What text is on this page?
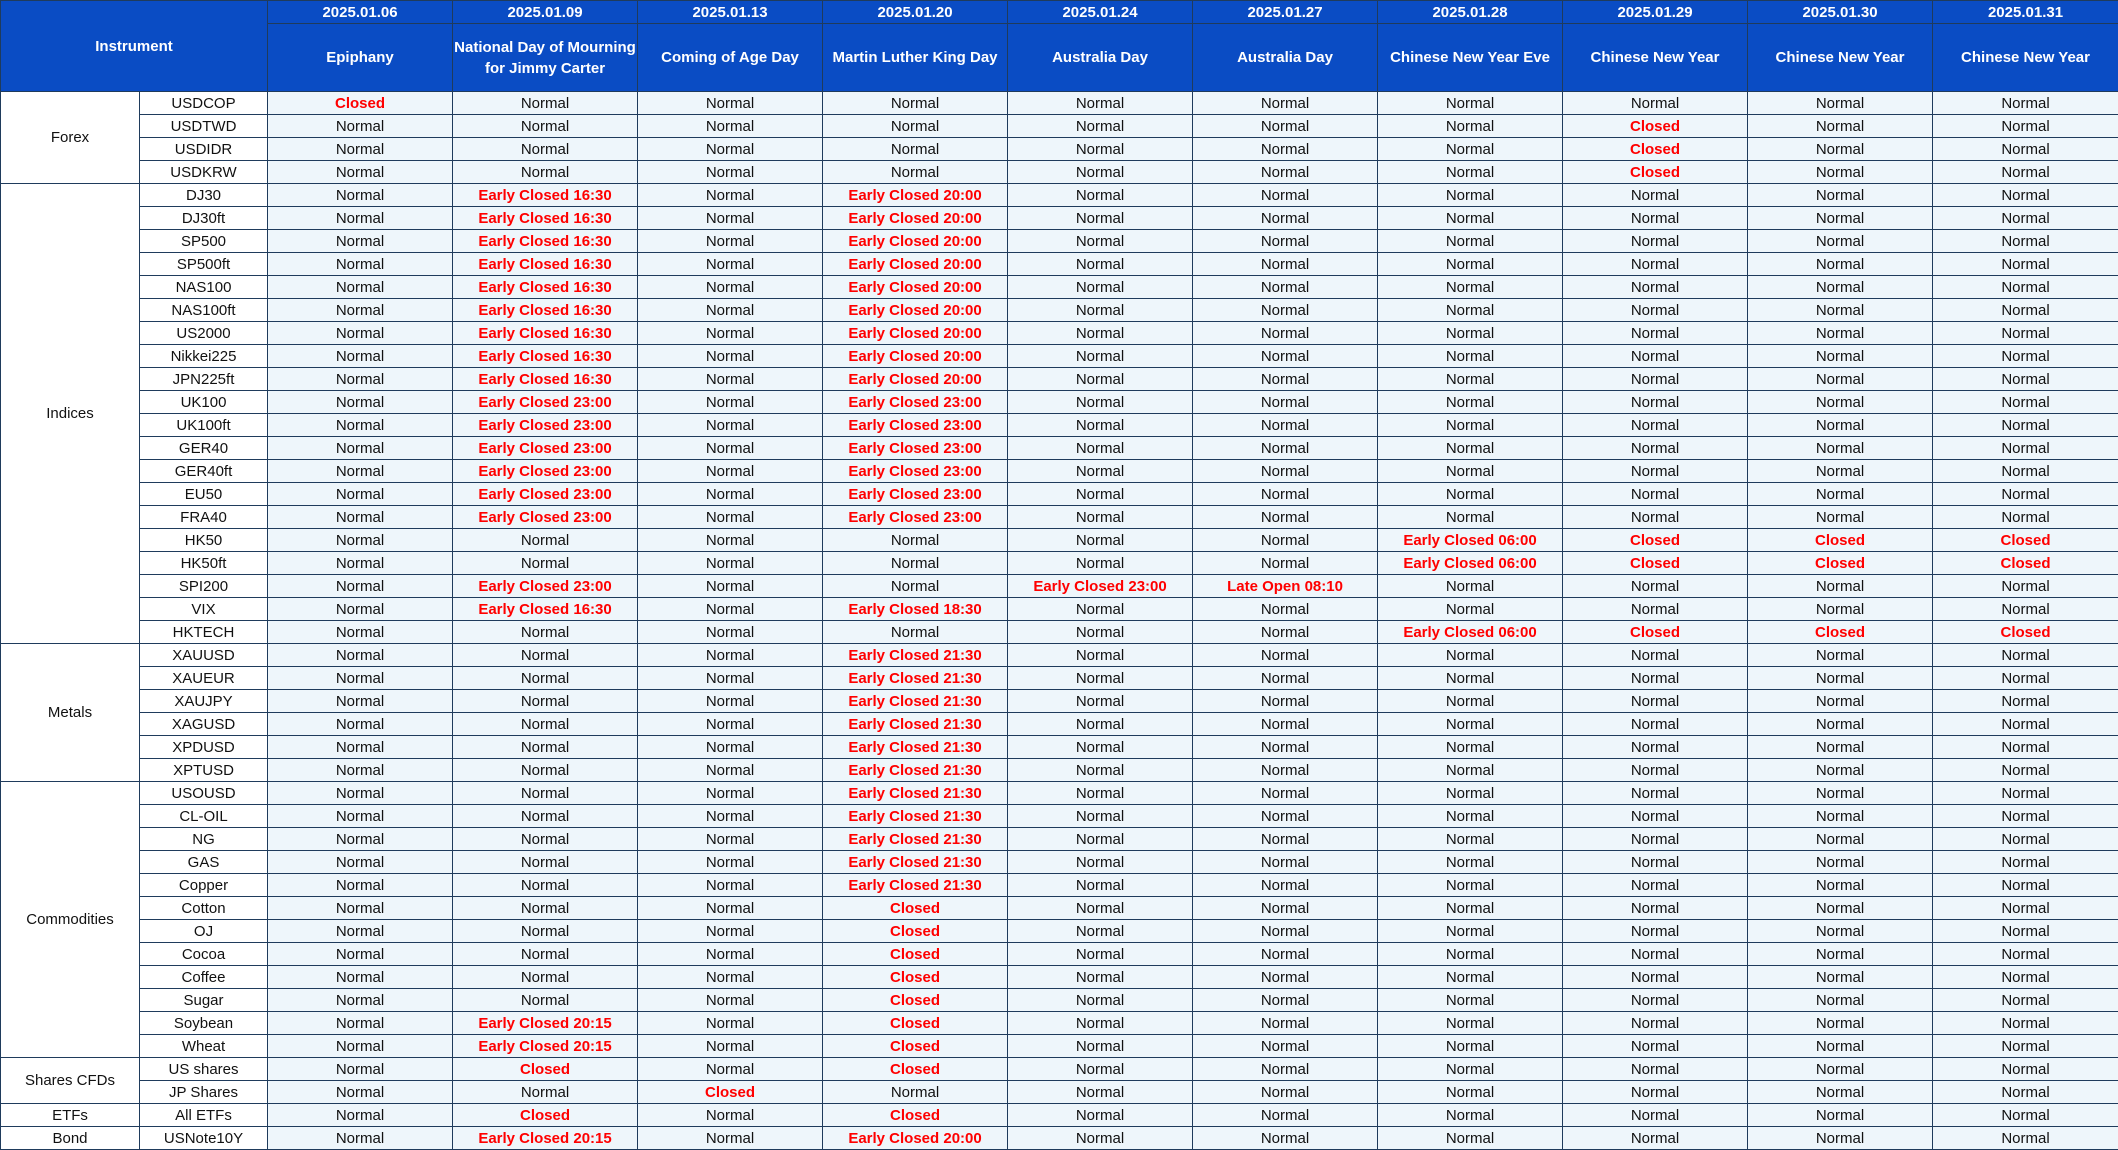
Instrument		2025.01.06	2025.01.09	2025.01.13	2025.01.20	2025.01.24	2025.01.27	2025.01.28	2025.01.29	2025.01.30	2025.01.31
		Epiphany	National Day of Mourning for Jimmy Carter	Coming of Age Day	Martin Luther King Day	Australia Day	Australia Day	Chinese New Year Eve	Chinese New Year	Chinese New Year	Chinese New Year
Forex	USDCOP	Closed	Normal	Normal	Normal	Normal	Normal	Normal	Normal	Normal	Normal
	USDTWD	Normal	Normal	Normal	Normal	Normal	Normal	Normal	Closed	Normal	Normal
	USDIDR	Normal	Normal	Normal	Normal	Normal	Normal	Normal	Closed	Normal	Normal
	USDKRW	Normal	Normal	Normal	Normal	Normal	Normal	Normal	Closed	Normal	Normal
Indices	DJ30	Normal	Early Closed 16:30	Normal	Early Closed 20:00	Normal	Normal	Normal	Normal	Normal	Normal
	DJ30ft	Normal	Early Closed 16:30	Normal	Early Closed 20:00	Normal	Normal	Normal	Normal	Normal	Normal
	SP500	Normal	Early Closed 16:30	Normal	Early Closed 20:00	Normal	Normal	Normal	Normal	Normal	Normal
	SP500ft	Normal	Early Closed 16:30	Normal	Early Closed 20:00	Normal	Normal	Normal	Normal	Normal	Normal
	NAS100	Normal	Early Closed 16:30	Normal	Early Closed 20:00	Normal	Normal	Normal	Normal	Normal	Normal
	NAS100ft	Normal	Early Closed 16:30	Normal	Early Closed 20:00	Normal	Normal	Normal	Normal	Normal	Normal
	US2000	Normal	Early Closed 16:30	Normal	Early Closed 20:00	Normal	Normal	Normal	Normal	Normal	Normal
	Nikkei225	Normal	Early Closed 16:30	Normal	Early Closed 20:00	Normal	Normal	Normal	Normal	Normal	Normal
	JPN225ft	Normal	Early Closed 16:30	Normal	Early Closed 20:00	Normal	Normal	Normal	Normal	Normal	Normal
	UK100	Normal	Early Closed 23:00	Normal	Early Closed 23:00	Normal	Normal	Normal	Normal	Normal	Normal
	UK100ft	Normal	Early Closed 23:00	Normal	Early Closed 23:00	Normal	Normal	Normal	Normal	Normal	Normal
	GER40	Normal	Early Closed 23:00	Normal	Early Closed 23:00	Normal	Normal	Normal	Normal	Normal	Normal
	GER40ft	Normal	Early Closed 23:00	Normal	Early Closed 23:00	Normal	Normal	Normal	Normal	Normal	Normal
	EU50	Normal	Early Closed 23:00	Normal	Early Closed 23:00	Normal	Normal	Normal	Normal	Normal	Normal
	FRA40	Normal	Early Closed 23:00	Normal	Early Closed 23:00	Normal	Normal	Normal	Normal	Normal	Normal
	HK50	Normal	Normal	Normal	Normal	Normal	Normal	Early Closed 06:00	Closed	Closed	Closed
	HK50ft	Normal	Normal	Normal	Normal	Normal	Normal	Early Closed 06:00	Closed	Closed	Closed
	SPI200	Normal	Early Closed 23:00	Normal	Normal	Early Closed 23:00	Late Open 08:10	Normal	Normal	Normal	Normal
	VIX	Normal	Early Closed 16:30	Normal	Early Closed 18:30	Normal	Normal	Normal	Normal	Normal	Normal
	HKTECH	Normal	Normal	Normal	Normal	Normal	Normal	Early Closed 06:00	Closed	Closed	Closed
Metals	XAUUSD	Normal	Normal	Normal	Early Closed 21:30	Normal	Normal	Normal	Normal	Normal	Normal
	XAUEUR	Normal	Normal	Normal	Early Closed 21:30	Normal	Normal	Normal	Normal	Normal	Normal
	XAUJPY	Normal	Normal	Normal	Early Closed 21:30	Normal	Normal	Normal	Normal	Normal	Normal
	XAGUSD	Normal	Normal	Normal	Early Closed 21:30	Normal	Normal	Normal	Normal	Normal	Normal
	XPDUSD	Normal	Normal	Normal	Early Closed 21:30	Normal	Normal	Normal	Normal	Normal	Normal
	XPTUSD	Normal	Normal	Normal	Early Closed 21:30	Normal	Normal	Normal	Normal	Normal	Normal
Commodities	USOUSD	Normal	Normal	Normal	Early Closed 21:30	Normal	Normal	Normal	Normal	Normal	Normal
	CL-OIL	Normal	Normal	Normal	Early Closed 21:30	Normal	Normal	Normal	Normal	Normal	Normal
	NG	Normal	Normal	Normal	Early Closed 21:30	Normal	Normal	Normal	Normal	Normal	Normal
	GAS	Normal	Normal	Normal	Early Closed 21:30	Normal	Normal	Normal	Normal	Normal	Normal
	Copper	Normal	Normal	Normal	Early Closed 21:30	Normal	Normal	Normal	Normal	Normal	Normal
	Cotton	Normal	Normal	Normal	Closed	Normal	Normal	Normal	Normal	Normal	Normal
	OJ	Normal	Normal	Normal	Closed	Normal	Normal	Normal	Normal	Normal	Normal
	Cocoa	Normal	Normal	Normal	Closed	Normal	Normal	Normal	Normal	Normal	Normal
	Coffee	Normal	Normal	Normal	Closed	Normal	Normal	Normal	Normal	Normal	Normal
	Sugar	Normal	Normal	Normal	Closed	Normal	Normal	Normal	Normal	Normal	Normal
	Soybean	Normal	Early Closed 20:15	Normal	Closed	Normal	Normal	Normal	Normal	Normal	Normal
	Wheat	Normal	Early Closed 20:15	Normal	Closed	Normal	Normal	Normal	Normal	Normal	Normal
Shares CFDs	US shares	Normal	Closed	Normal	Closed	Normal	Normal	Normal	Normal	Normal	Normal
	JP Shares	Normal	Normal	Closed	Normal	Normal	Normal	Normal	Normal	Normal	Normal
ETFs	All ETFs	Normal	Closed	Normal	Closed	Normal	Normal	Normal	Normal	Normal	Normal
Bond	USNote10Y	Normal	Early Closed 20:15	Normal	Early Closed 20:00	Normal	Normal	Normal	Normal	Normal	Normal
